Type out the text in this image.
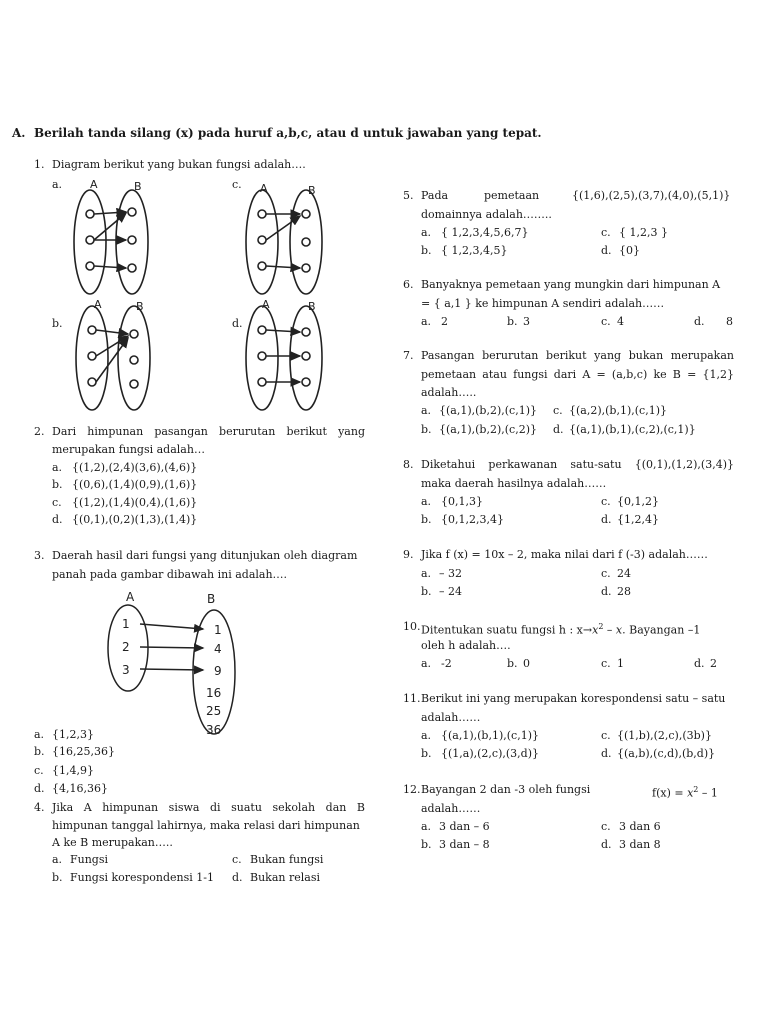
A. Berilah tanda silang (x) pada huruf a,b,c, atau d untuk jawaban yang tepat.
1. Diagram berikut yang bukan fungsi adalah….
a.	c.
b.	d.
A	B	A	B
A	B	A	B
2. Dari himpunan pasangan berurutan berikut yang
merupakan fungsi adalah…
a. {(1,2),(2,4)(3,6),(4,6)}
b. {(0,6),(1,4)(0,9),(1,6)}
c. {(1,2),(1,4)(0,4),(1,6)}
d. {(0,1),(0,2)(1,3),(1,4)}
3. Daerah hasil dari fungsi yang ditunjukan oleh diagram
panah pada gambar dibawah ini adalah….
A	B
1
2
3
1
4
9
16
25
36
a. {1,2,3}
b. {16,25,36}
c. {1,4,9}
d. {4,16,36}
4. Jika A himpunan siswa di suatu sekolah dan B
himpunan tanggal lahirnya, maka relasi dari himpunan
A ke B merupakan…..
a. Fungsi	c. Bukan fungsi
b. Fungsi korespondensi 1-1 d. Bukan relasi
5. Pada	pemetaan	{(1,6),(2,5),(3,7),(4,0),(5,1)}
domainnya adalah……..
a. { 1,2,3,4,5,6,7}	c. { 1,2,3 }
b. { 1,2,3,4,5}	d. {0}
6. Banyaknya pemetaan yang mungkin dari himpunan A
= { a,1 } ke himpunan A sendiri adalah……
a. 2	b. 3	c. 4	d. 8
7. Pasangan berurutan berikut yang bukan merupakan
pemetaan atau fungsi dari A = (a,b,c) ke B = {1,2}
adalah…..
a. {(a,1),(b,2),(c,1)} c. {(a,2),(b,1),(c,1)}
b. {(a,1),(b,2),(c,2)} d. {(a,1),(b,1),(c,2),(c,1)}
8. Diketahui perkawanan satu-satu {(0,1),(1,2),(3,4)}
maka daerah hasilnya adalah……
a. {0,1,3}	c. {0,1,2}
b. {0,1,2,3,4}	d. {1,2,4}
9. Jika f (x) = 10x – 2, maka nilai dari f (-3) adalah……
a. – 32	c. 24
b. – 24	d. 28
10. Ditentukan suatu fungsi h : $x\to x^2 - x$. Bayangan –1
oleh h adalah….
a. -2	b. 0	c. 1	d. 2
11. Berikut ini yang merupakan korespondensi satu – satu
adalah……
a. {(a,1),(b,1),(c,1)}	c. {(1,b),(2,c),(3b)}
b. {(1,a),(2,c),(3,d)}	d. {(a,b),(c,d),(b,d)}
12. Bayangan 2 dan -3 oleh fungsi	$f(x) = x^2 - 1$
adalah……
a. 3 dan – 6	c. 3 dan 6
b. 3 dan – 8	d. 3 dan 8
